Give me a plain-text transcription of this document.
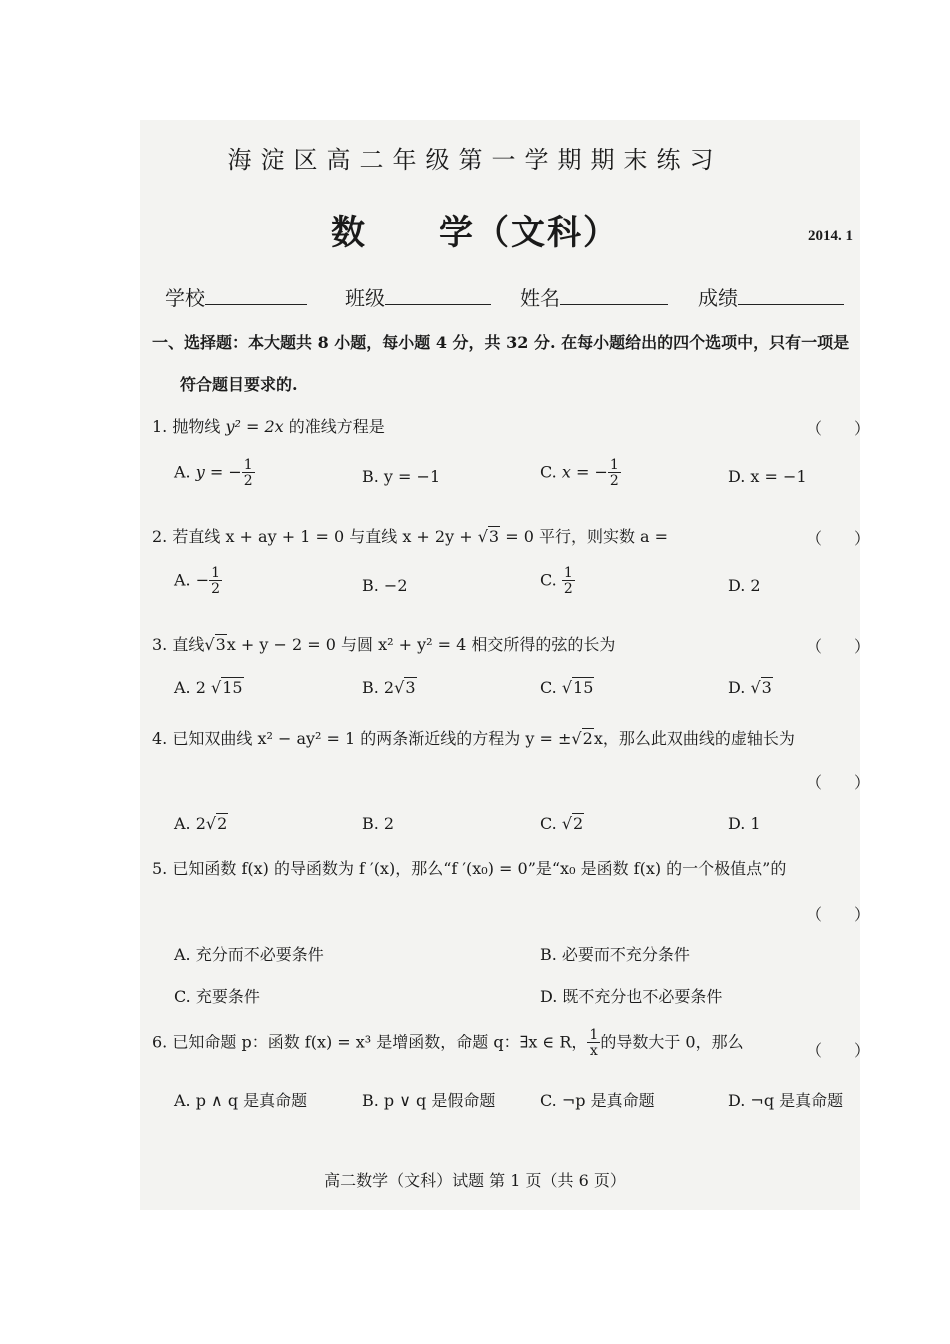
海淀区高二年级第一学期期末练习
数　　学（文科）	2014. 1
学校	班级	姓名	成绩
一、选择题：本大题共 8 小题，每小题 4 分，共 32 分. 在每小题给出的四个选项中，只有一项是
符合题目要求的.
1. 抛物线 y² = 2x 的准线方程是	（　　）
A. y = − $\frac{1}{2}$	B. y = −1	C. x = − $\frac{1}{2}$	D. x = −1
2. 若直线 x + ay + 1 = 0 与直线 x + 2y + √3 = 0 平行，则实数 a =	（　　）
A. − $\frac{1}{2}$	B. −2	C. $\frac{1}{2}$	D. 2
3. 直线√3x + y − 2 = 0 与圆 x² + y² = 4 相交所得的弦的长为	（　　）
A. 2 √15	B. 2√3	C. √15	D. √3
4. 已知双曲线 x² − ay² = 1 的两条渐近线的方程为 y = ±√2x，那么此双曲线的虚轴长为
（　　）
A. 2√2	B. 2	C. √2	D. 1
5. 已知函数 f(x) 的导函数为 f ′(x)，那么“f ′(x₀) = 0”是“x₀ 是函数 f(x) 的一个极值点”的
（　　）
A. 充分而不必要条件	B. 必要而不充分条件
C. 充要条件	D. 既不充分也不必要条件
6. 已知命题 p：函数 f(x) = x³ 是增函数，命题 q：∃x ∈ R， $\frac{1}{x}$ 的导数大于 0，那么	（　　）
A. p ∧ q 是真命题	B. p ∨ q 是假命题	C. ¬p 是真命题	D. ¬q 是真命题
高二数学（文科）试题 第 1 页（共 6 页）
